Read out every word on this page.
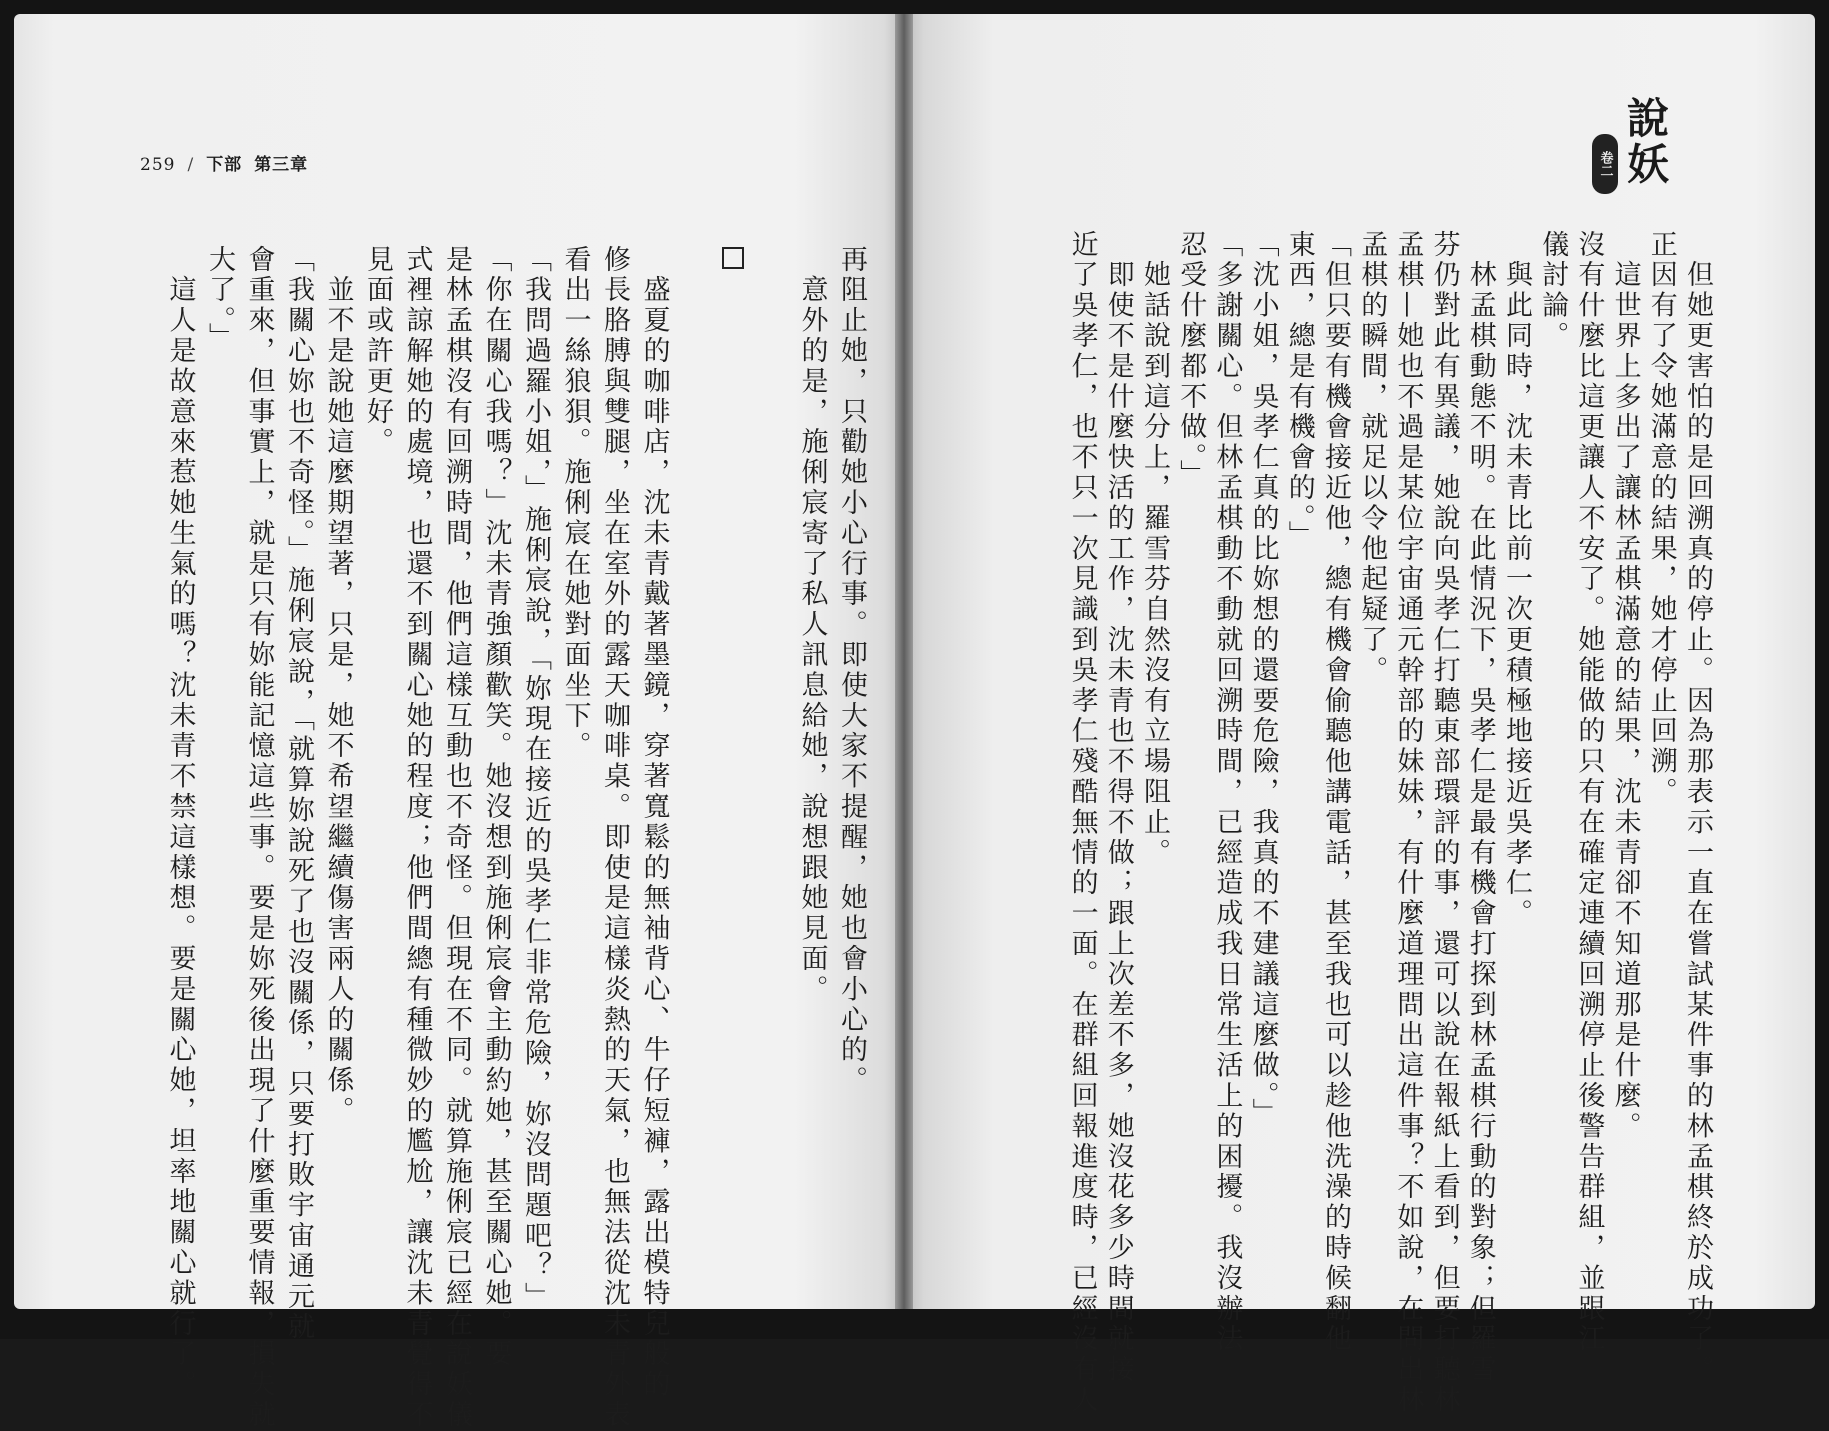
259 / 下部 第三章	卷二 說妖
再阻止她，只勸她小心行事。即使大家不提醒，她也會小心的。
　意外的是，施俐宸寄了私人訊息給她，說想跟她見面。
　盛夏的咖啡店，沈未青戴著墨鏡，穿著寬鬆的無袖背心、牛仔短褲，露出模特兒般的
修長胳膊與雙腿，坐在室外的露天咖啡桌。即使是這樣炎熱的天氣，也無法從沈未青外表
看出一絲狼狽。施俐宸在她對面坐下。
「我問過羅小姐，」施俐宸說，「妳現在接近的吳孝仁非常危險，妳沒問題吧？」
「你在關心我嗎？」沈未青強顏歡笑。她沒想到施俐宸會主動約她，甚至關心她。要
是林孟棋沒有回溯時間，他們這樣互動也不奇怪。但現在不同。就算施俐宸已經在說妖儀
式裡諒解她的處境，也還不到關心她的程度；他們間總有種微妙的尷尬，讓沈未青覺得不
見面或許更好。
　並不是說她這麼期望著，只是，她不希望繼續傷害兩人的關係。
「我關心妳也不奇怪。」施俐宸說，「就算妳說死了也沒關係，只要打敗宇宙通元就
會重來，但事實上，就是只有妳能記憶這些事。要是妳死後出現了什麼重要情報，損失就
大了。」
　這人是故意來惹她生氣的嗎？沈未青不禁這樣想。要是關心她，坦率地關心就行了。	　但她更害怕的是回溯真的停止。因為那表示一直在嘗試某件事的林孟棋終於成功了。
正因有了令她滿意的結果，她才停止回溯。
　這世界上多出了讓林孟棋滿意的結果，沈未青卻不知道那是什麼。
沒有什麼比這更讓人不安了。她能做的只有在確定連續回溯停止後警告群組，並跟江
儀討論。
　與此同時，沈未青比前一次更積極地接近吳孝仁。
　林孟棋動態不明。在此情況下，吳孝仁是最有機會打探到林孟棋行動的對象；但羅雪
芬仍對此有異議，她說向吳孝仁打聽東部環評的事，還可以說在報紙上看到，但要打聽林
孟棋—她也不過是某位宇宙通元幹部的妹妹，有什麼道理問出這件事？不如說，在問出林
孟棋的瞬間，就足以令他起疑了。
「但只要有機會接近他，總有機會偷聽他講電話，甚至我也可以趁他洗澡的時候翻他
東西，總是有機會的。」
「沈小姐，吳孝仁真的比妳想的還要危險，我真的不建議這麼做。」
「多謝關心。但林孟棋動不動就回溯時間，已經造成我日常生活上的困擾。我沒辦法
忍受什麼都不做。」
　她話說到這分上，羅雪芬自然沒有立場阻止。
　即使不是什麼快活的工作，沈未青也不得不做；跟上次差不多，她沒花多少時間就接
近了吳孝仁，也不只一次見識到吳孝仁殘酷無情的一面。在群組回報進度時，已經沒有人
